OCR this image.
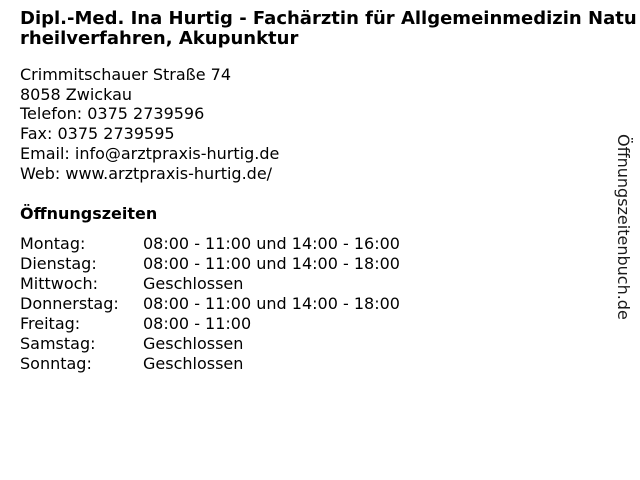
Dipl.-Med. Ina Hurtig - Fachärztin für Allgemeinmedizin Naturheilverfahren, Akupunktur
Crimmitschauer Straße 74
8058 Zwickau
Telefon: 0375 2739596
Fax: 0375 2739595
Email: info@arztpraxis-hurtig.de
Web: www.arztpraxis-hurtig.de/
Öffnungszeiten
Montag:	08:00 - 11:00 und 14:00 - 16:00
Dienstag:	08:00 - 11:00 und 14:00 - 18:00
Mittwoch:	Geschlossen
Donnerstag: 08:00 - 11:00 und 14:00 - 18:00
Freitag:	08:00 - 11:00
Samstag:	Geschlossen
Sonntag:	Geschlossen
Öffnungszeitenbuch.de
